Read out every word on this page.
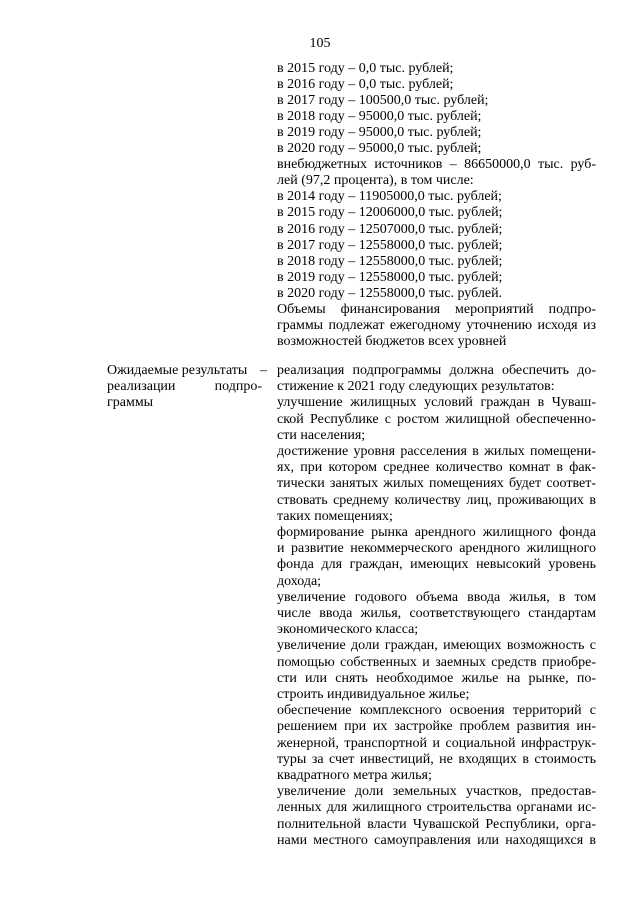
105
в 2015 году – 0,0 тыс. рублей;
в 2016 году – 0,0 тыс. рублей;
в 2017 году – 100500,0 тыс. рублей;
в 2018 году – 95000,0 тыс. рублей;
в 2019 году – 95000,0 тыс. рублей;
в 2020 году – 95000,0 тыс. рублей;
внебюджетных источников – 86650000,0 тыс. руб-
лей (97,2 процента), в том числе:
в 2014 году – 11905000,0 тыс. рублей;
в 2015 году – 12006000,0 тыс. рублей;
в 2016 году – 12507000,0 тыс. рублей;
в 2017 году – 12558000,0 тыс. рублей;
в 2018 году – 12558000,0 тыс. рублей;
в 2019 году – 12558000,0 тыс. рублей;
в 2020 году – 12558000,0 тыс. рублей.
Объемы финансирования мероприятий подпро-
граммы подлежат ежегодному уточнению исходя из
возможностей бюджетов всех уровней
Ожидаемые результаты
реализации подпро-
граммы
– реализация подпрограммы должна обеспечить до-
стижение к 2021 году следующих результатов:
улучшение жилищных условий граждан в Чуваш-
ской Республике с ростом жилищной обеспеченно-
сти населения;
достижение уровня расселения в жилых помещени-
ях, при котором среднее количество комнат в фак-
тически занятых жилых помещениях будет соответ-
ствовать среднему количеству лиц, проживающих в
таких помещениях;
формирование рынка арендного жилищного фонда
и развитие некоммерческого арендного жилищного
фонда для граждан, имеющих невысокий уровень
дохода;
увеличение годового объема ввода жилья, в том
числе ввода жилья, соответствующего стандартам
экономического класса;
увеличение доли граждан, имеющих возможность с
помощью собственных и заемных средств приобре-
сти или снять необходимое жилье на рынке, по-
строить индивидуальное жилье;
обеспечение комплексного освоения территорий с
решением при их застройке проблем развития ин-
женерной, транспортной и социальной инфраструк-
туры за счет инвестиций, не входящих в стоимость
квадратного метра жилья;
увеличение доли земельных участков, предостав-
ленных для жилищного строительства органами ис-
полнительной власти Чувашской Республики, орга-
нами местного самоуправления или находящихся в
